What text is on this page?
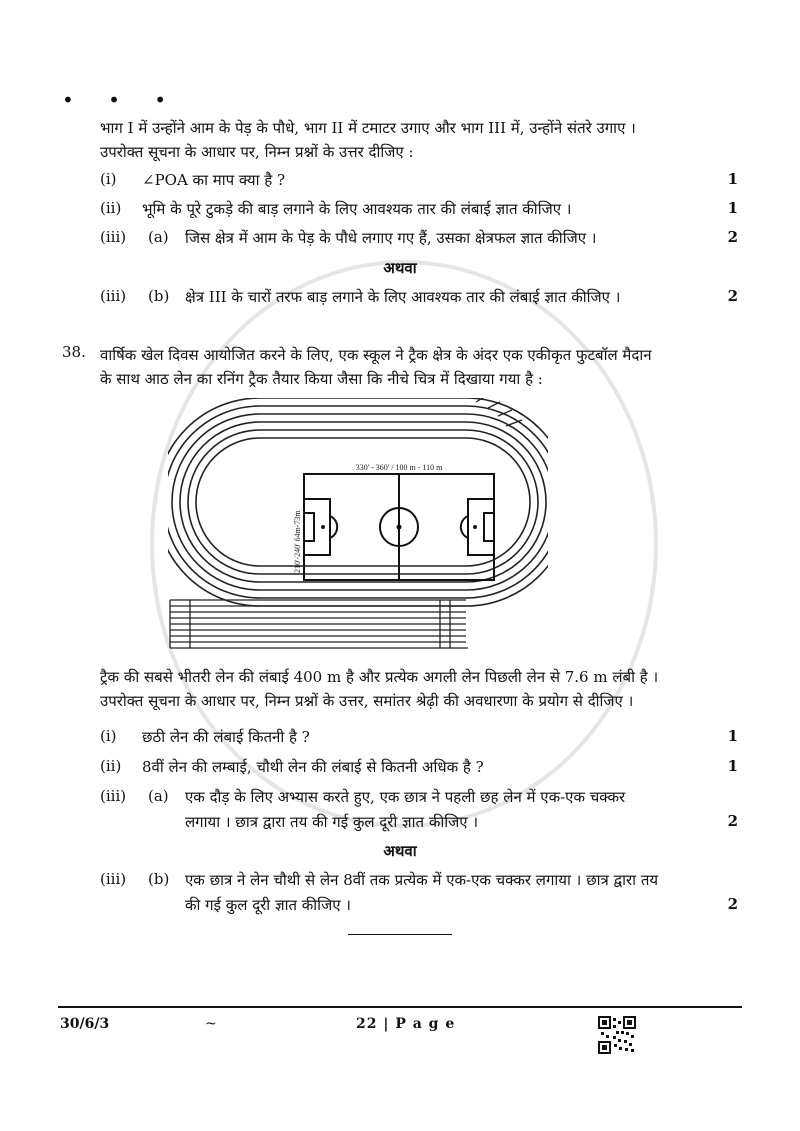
• • •
भाग I में उन्होंने आम के पेड़ के पौधे, भाग II में टमाटर उगाए और भाग III में, उन्होंने संतरे उगाए ।
उपरोक्त सूचना के आधार पर, निम्न प्रश्नों के उत्तर दीजिए :
(i) ∠POA का माप क्या है ?	1
(ii) भूमि के पूरे टुकड़े की बाड़ लगाने के लिए आवश्यक तार की लंबाई ज्ञात कीजिए ।	1
(iii) (a) जिस क्षेत्र में आम के पेड़ के पौधे लगाए गए हैं, उसका क्षेत्रफल ज्ञात कीजिए ।	2
अथवा
(iii) (b) क्षेत्र III के चारों तरफ बाड़ लगाने के लिए आवश्यक तार की लंबाई ज्ञात कीजिए ।	2
38. वार्षिक खेल दिवस आयोजित करने के लिए, एक स्कूल ने ट्रैक क्षेत्र के अंदर एक एकीकृत फुटबॉल मैदान
के साथ आठ लेन का रनिंग ट्रैक तैयार किया जैसा कि नीचे चित्र में दिखाया गया है :
330' - 360' / 100 m - 110 m
210'-240' 64m-73m
ट्रैक की सबसे भीतरी लेन की लंबाई 400 m है और प्रत्येक अगली लेन पिछली लेन से 7.6 m लंबी है ।
उपरोक्त सूचना के आधार पर, निम्न प्रश्नों के उत्तर, समांतर श्रेढ़ी की अवधारणा के प्रयोग से दीजिए ।
(i) छठी लेन की लंबाई कितनी है ?	1
(ii) 8वीं लेन की लम्बाई, चौथी लेन की लंबाई से कितनी अधिक है ?	1
(iii) (a) एक दौड़ के लिए अभ्यास करते हुए, एक छात्र ने पहली छह लेन में एक-एक चक्कर
लगाया । छात्र द्वारा तय की गई कुल दूरी ज्ञात कीजिए ।	2
अथवा
(iii) (b) एक छात्र ने लेन चौथी से लेन 8वीं तक प्रत्येक में एक-एक चक्कर लगाया । छात्र द्वारा तय
की गई कुल दूरी ज्ञात कीजिए ।	2
30/6/3	~	22 | P a g e
